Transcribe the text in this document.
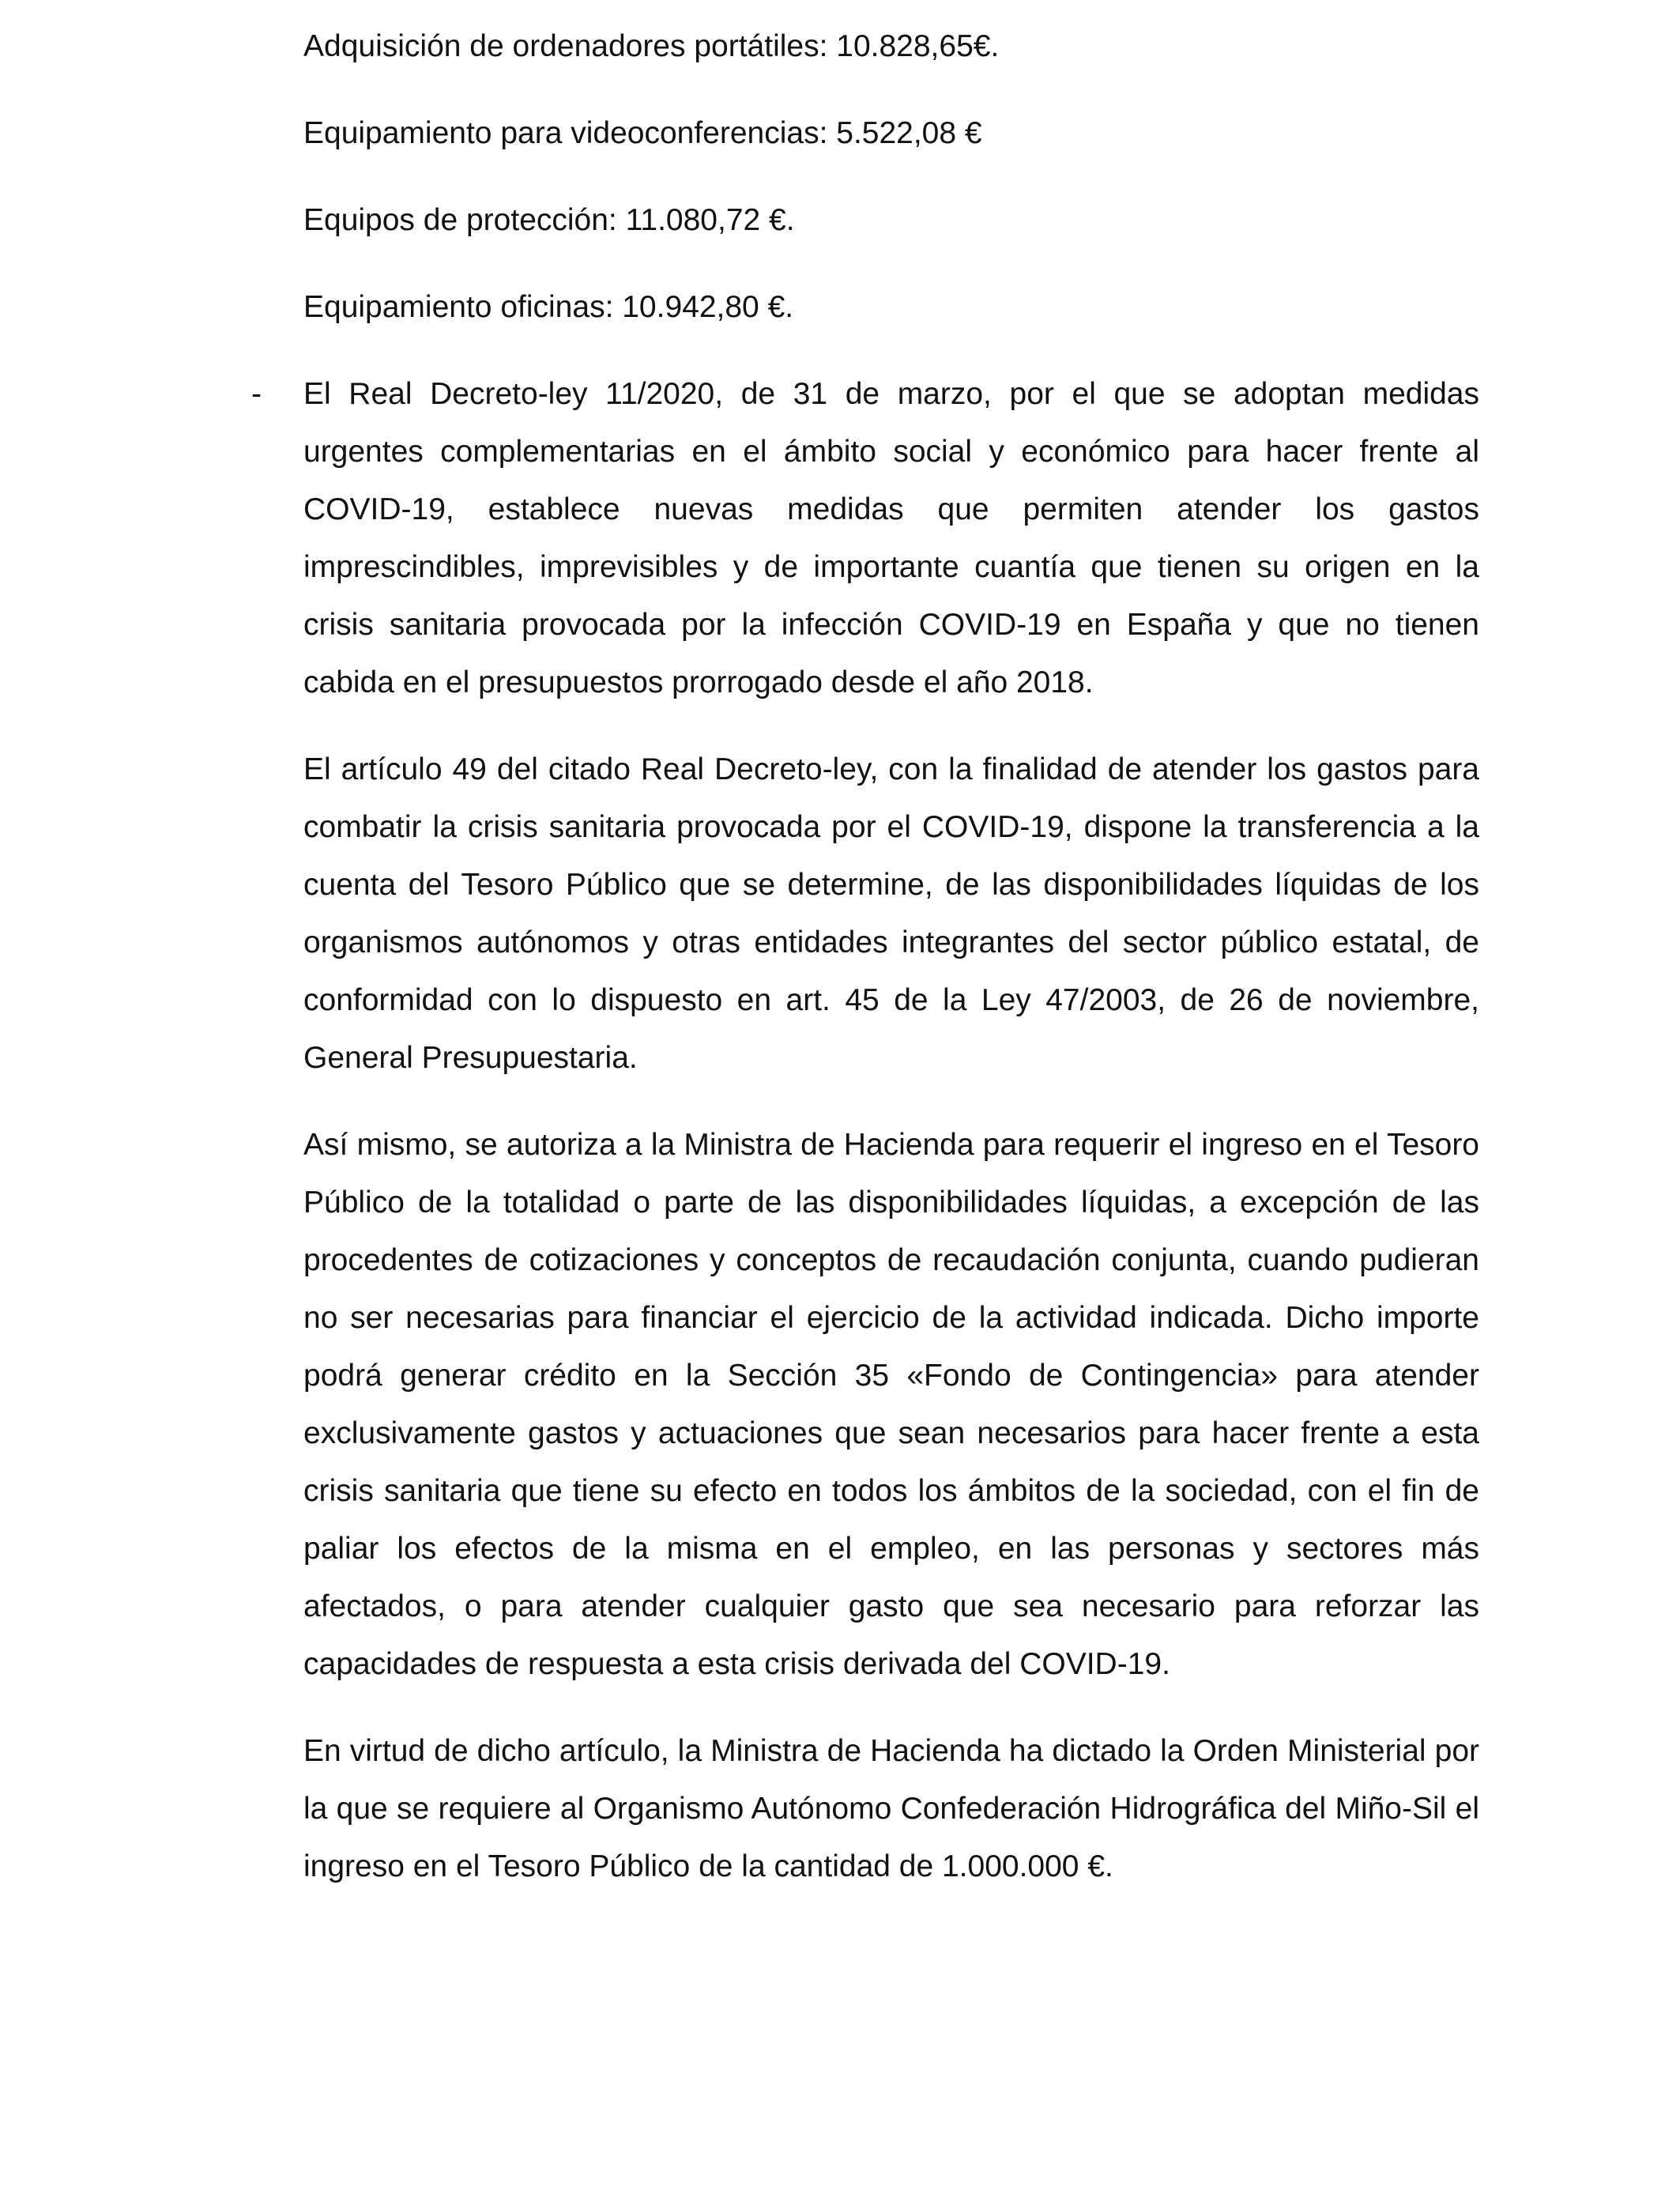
Adquisición de ordenadores portátiles: 10.828,65€.
Equipamiento para videoconferencias: 5.522,08 €
Equipos de protección: 11.080,72 €.
Equipamiento oficinas: 10.942,80 €.
- El Real Decreto-ley 11/2020, de 31 de marzo, por el que se adoptan medidas urgentes complementarias en el ámbito social y económico para hacer frente al COVID-19, establece nuevas medidas que permiten atender los gastos imprescindibles, imprevisibles y de importante cuantía que tienen su origen en la crisis sanitaria provocada por la infección COVID-19 en España y que no tienen cabida en el presupuestos prorrogado desde el año 2018.

El artículo 49 del citado Real Decreto-ley, con la finalidad de atender los gastos para combatir la crisis sanitaria provocada por el COVID-19, dispone la transferencia a la cuenta del Tesoro Público que se determine, de las disponibilidades líquidas de los organismos autónomos y otras entidades integrantes del sector público estatal, de conformidad con lo dispuesto en art. 45 de la Ley 47/2003, de 26 de noviembre, General Presupuestaria.

Así mismo, se autoriza a la Ministra de Hacienda para requerir el ingreso en el Tesoro Público de la totalidad o parte de las disponibilidades líquidas, a excepción de las procedentes de cotizaciones y conceptos de recaudación conjunta, cuando pudieran no ser necesarias para financiar el ejercicio de la actividad indicada. Dicho importe podrá generar crédito en la Sección 35 «Fondo de Contingencia» para atender exclusivamente gastos y actuaciones que sean necesarios para hacer frente a esta crisis sanitaria que tiene su efecto en todos los ámbitos de la sociedad, con el fin de paliar los efectos de la misma en el empleo, en las personas y sectores más afectados, o para atender cualquier gasto que sea necesario para reforzar las capacidades de respuesta a esta crisis derivada del COVID-19.

En virtud de dicho artículo, la Ministra de Hacienda ha dictado la Orden Ministerial por la que se requiere al Organismo Autónomo Confederación Hidrográfica del Miño-Sil el ingreso en el Tesoro Público de la cantidad de 1.000.000 €.
